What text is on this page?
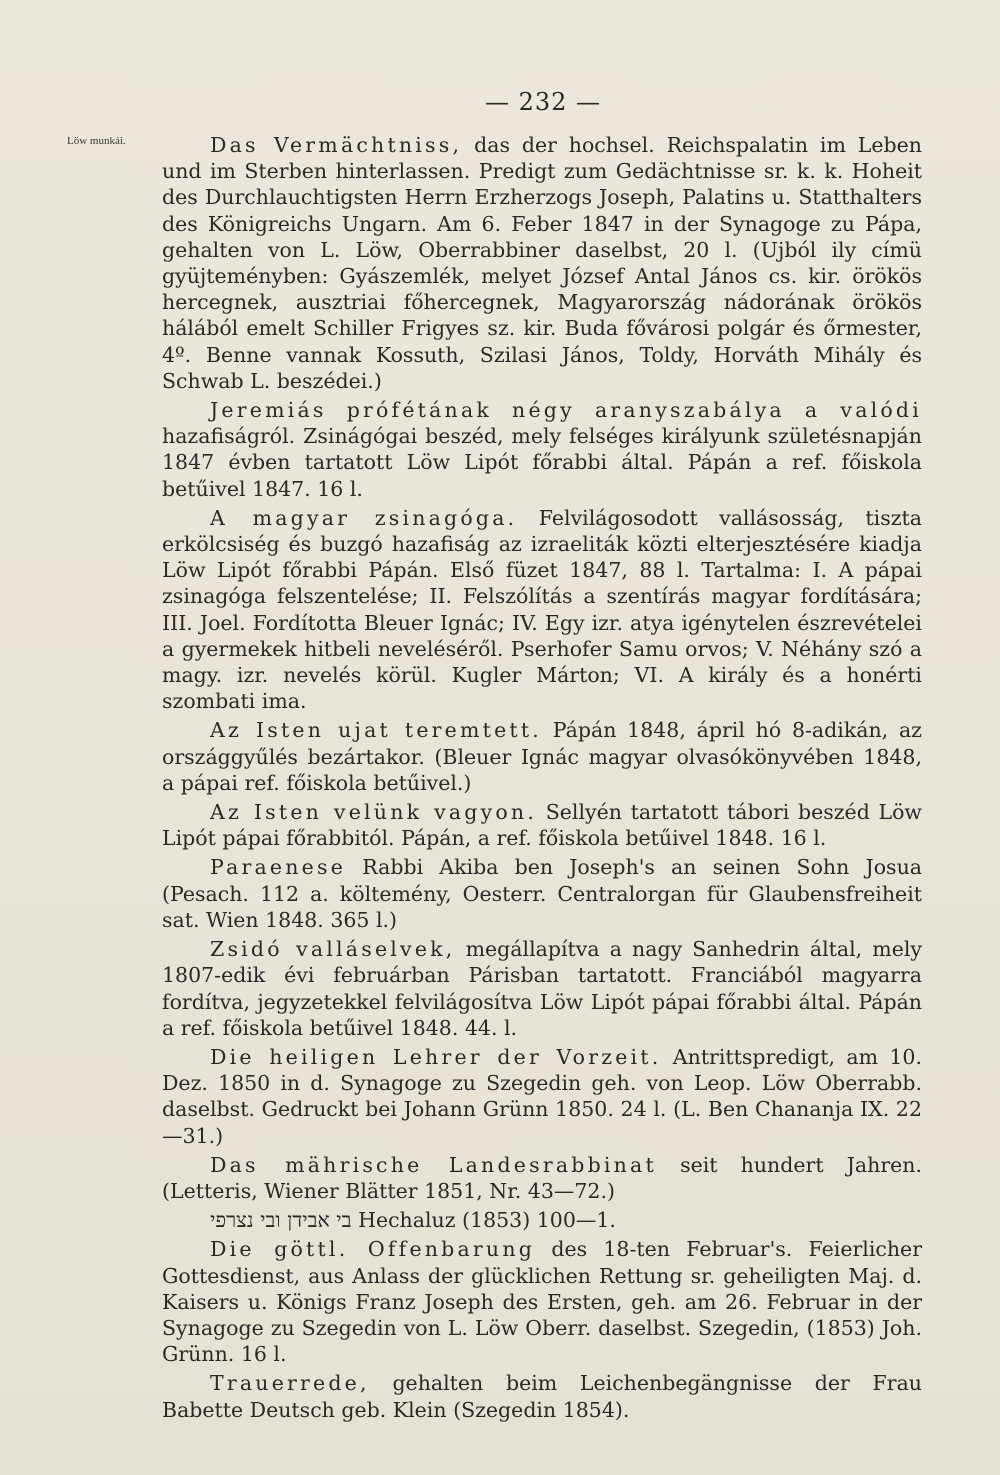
— 232 —
Löw munkái.	Das Vermächtniss, das der hochsel. Reichspalatin im Leben und im Sterben hinterlassen. Predigt zum Gedächtnisse sr. k. k. Hoheit des Durchlauchtigsten Herrn Erzherzogs Joseph, Palatins u. Statthalters des Königreichs Ungarn. Am 6. Feber 1847 in der Synagoge zu Pápa, gehalten von L. Löw, Oberrabbiner daselbst, 20 l. (Ujból ily címü gyüjteményben: Gyászemlék, melyet József Antal János cs. kir. örökös hercegnek, ausztriai főhercegnek, Magyarország nádorának örökös hálából emelt Schiller Frigyes sz. kir. Buda fővárosi polgár és őrmester, 4º. Benne vannak Kossuth, Szilasi János, Toldy, Horváth Mihály és Schwab L. beszédei.)

Jeremiás prófétának négy aranyszabálya a valódi hazafiságról. Zsinágógai beszéd, mely felséges királyunk születésnapján 1847 évben tartatott Löw Lipót főrabbi által. Pápán a ref. főiskola betűivel 1847. 16 l.

A magyar zsinagóga. Felvilágosodott vallásosság, tiszta erkölcsiség és buzgó hazafiság az izraeliták közti elterjesztésére kiadja Löw Lipót főrabbi Pápán. Első füzet 1847, 88 l. Tartalma: I. A pápai zsinagóga felszentelése; II. Felszólítás a szentírás magyar fordítására; III. Joel. Fordította Bleuer Ignác; IV. Egy izr. atya igénytelen észrevételei a gyermekek hitbeli neveléséről. Pserhofer Samu orvos; V. Néhány szó a magy. izr. nevelés körül. Kugler Márton; VI. A király és a honérti szombati ima.

Az Isten ujat teremtett. Pápán 1848, ápril hó 8-adikán, az országgyűlés bezártakor. (Bleuer Ignác magyar olvasókönyvében 1848, a pápai ref. főiskola betűivel.)

Az Isten velünk vagyon. Sellyén tartatott tábori beszéd Löw Lipót pápai főrabbitól. Pápán, a ref. főiskola betűivel 1848. 16 l.

Paraenese Rabbi Akiba ben Joseph's an seinen Sohn Josua (Pesach. 112 a. költemény, Oesterr. Centralorgan für Glaubensfreiheit sat. Wien 1848. 365 l.)

Zsidó valláselvek, megállapítva a nagy Sanhedrin által, mely 1807-edik évi februárban Párisban tartatott. Franciából magyarra fordítva, jegyzetekkel felvilágosítva Löw Lipót pápai főrabbi által. Pápán a ref. főiskola betűivel 1848. 44. l.

Die heiligen Lehrer der Vorzeit. Antrittspredigt, am 10. Dez. 1850 in d. Synagoge zu Szegedin geh. von Leop. Löw Oberrabb. daselbst. Gedruckt bei Johann Grünn 1850. 24 l. (L. Ben Chananja IX. 22—31.)

Das mährische Landesrabbinat seit hundert Jahren. (Letteris, Wiener Blätter 1851, Nr. 43—72.)

בי אבידן ובי נצרפי Hechaluz (1853) 100—1.

Die göttl. Offenbarung des 18-ten Februar's. Feierlicher Gottesdienst, aus Anlass der glücklichen Rettung sr. geheiligten Maj. d. Kaisers u. Königs Franz Joseph des Ersten, geh. am 26. Februar in der Synagoge zu Szegedin von L. Löw Oberr. daselbst. Szegedin, (1853) Joh. Grünn. 16 l.

Trauerrede, gehalten beim Leichenbegängnisse der Frau Babette Deutsch geb. Klein (Szegedin 1854).
